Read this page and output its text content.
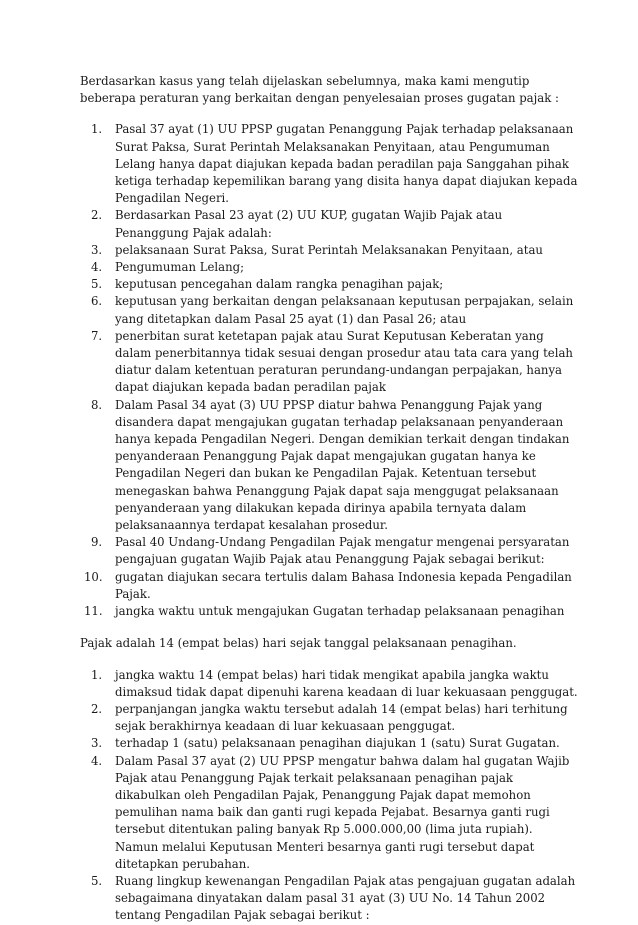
Berdasarkan kasus yang telah dijelaskan sebelumnya, maka kami mengutip beberapa peraturan yang berkaitan dengan penyelesaian proses gugatan pajak :

1. Pasal 37 ayat (1) UU PPSP gugatan Penanggung Pajak terhadap pelaksanaan Surat Paksa, Surat Perintah Melaksanakan Penyitaan, atau Pengumuman Lelang hanya dapat diajukan kepada badan peradilan paja Sanggahan pihak ketiga terhadap kepemilikan barang yang disita hanya dapat diajukan kepada Pengadilan Negeri.
2. Berdasarkan Pasal 23 ayat (2) UU KUP, gugatan Wajib Pajak atau Penanggung Pajak adalah:
3. pelaksanaan Surat Paksa, Surat Perintah Melaksanakan Penyitaan, atau
4. Pengumuman Lelang;
5. keputusan pencegahan dalam rangka penagihan pajak;
6. keputusan yang berkaitan dengan pelaksanaan keputusan perpajakan, selain yang ditetapkan dalam Pasal 25 ayat (1) dan Pasal 26; atau
7. penerbitan surat ketetapan pajak atau Surat Keputusan Keberatan yang dalam penerbitannya tidak sesuai dengan prosedur atau tata cara yang telah diatur dalam ketentuan peraturan perundang-undangan perpajakan, hanya dapat diajukan kepada badan peradilan pajak
8. Dalam Pasal 34 ayat (3) UU PPSP diatur bahwa Penanggung Pajak yang disandera dapat mengajukan gugatan terhadap pelaksanaan penyanderaan hanya kepada Pengadilan Negeri. Dengan demikian terkait dengan tindakan penyanderaan Penanggung Pajak dapat mengajukan gugatan hanya ke Pengadilan Negeri dan bukan ke Pengadilan Pajak. Ketentuan tersebut menegaskan bahwa Penanggung Pajak dapat saja menggugat pelaksanaan penyanderaan yang dilakukan kepada dirinya apabila ternyata dalam pelaksanaannya terdapat kesalahan prosedur.
9. Pasal 40 Undang-Undang Pengadilan Pajak mengatur mengenai persyaratan pengajuan gugatan Wajib Pajak atau Penanggung Pajak sebagai berikut:
10. gugatan diajukan secara tertulis dalam Bahasa Indonesia kepada Pengadilan Pajak.
11. jangka waktu untuk mengajukan Gugatan terhadap pelaksanaan penagihan

Pajak adalah 14 (empat belas) hari sejak tanggal pelaksanaan penagihan.

1. jangka waktu 14 (empat belas) hari tidak mengikat apabila jangka waktu dimaksud tidak dapat dipenuhi karena keadaan di luar kekuasaan penggugat.
2. perpanjangan jangka waktu tersebut adalah 14 (empat belas) hari terhitung sejak berakhirnya keadaan di luar kekuasaan penggugat.
3. terhadap 1 (satu) pelaksanaan penagihan diajukan 1 (satu) Surat Gugatan.
4. Dalam Pasal 37 ayat (2) UU PPSP mengatur bahwa dalam hal gugatan Wajib Pajak atau Penanggung Pajak terkait pelaksanaan penagihan pajak dikabulkan oleh Pengadilan Pajak, Penanggung Pajak dapat memohon pemulihan nama baik dan ganti rugi kepada Pejabat. Besarnya ganti rugi tersebut ditentukan paling banyak Rp 5.000.000,00 (lima juta rupiah). Namun melalui Keputusan Menteri besarnya ganti rugi tersebut dapat ditetapkan perubahan.
5. Ruang lingkup kewenangan Pengadilan Pajak atas pengajuan gugatan adalah sebagaimana dinyatakan dalam pasal 31 ayat (3) UU No. 14 Tahun 2002 tentang Pengadilan Pajak sebagai berikut :
